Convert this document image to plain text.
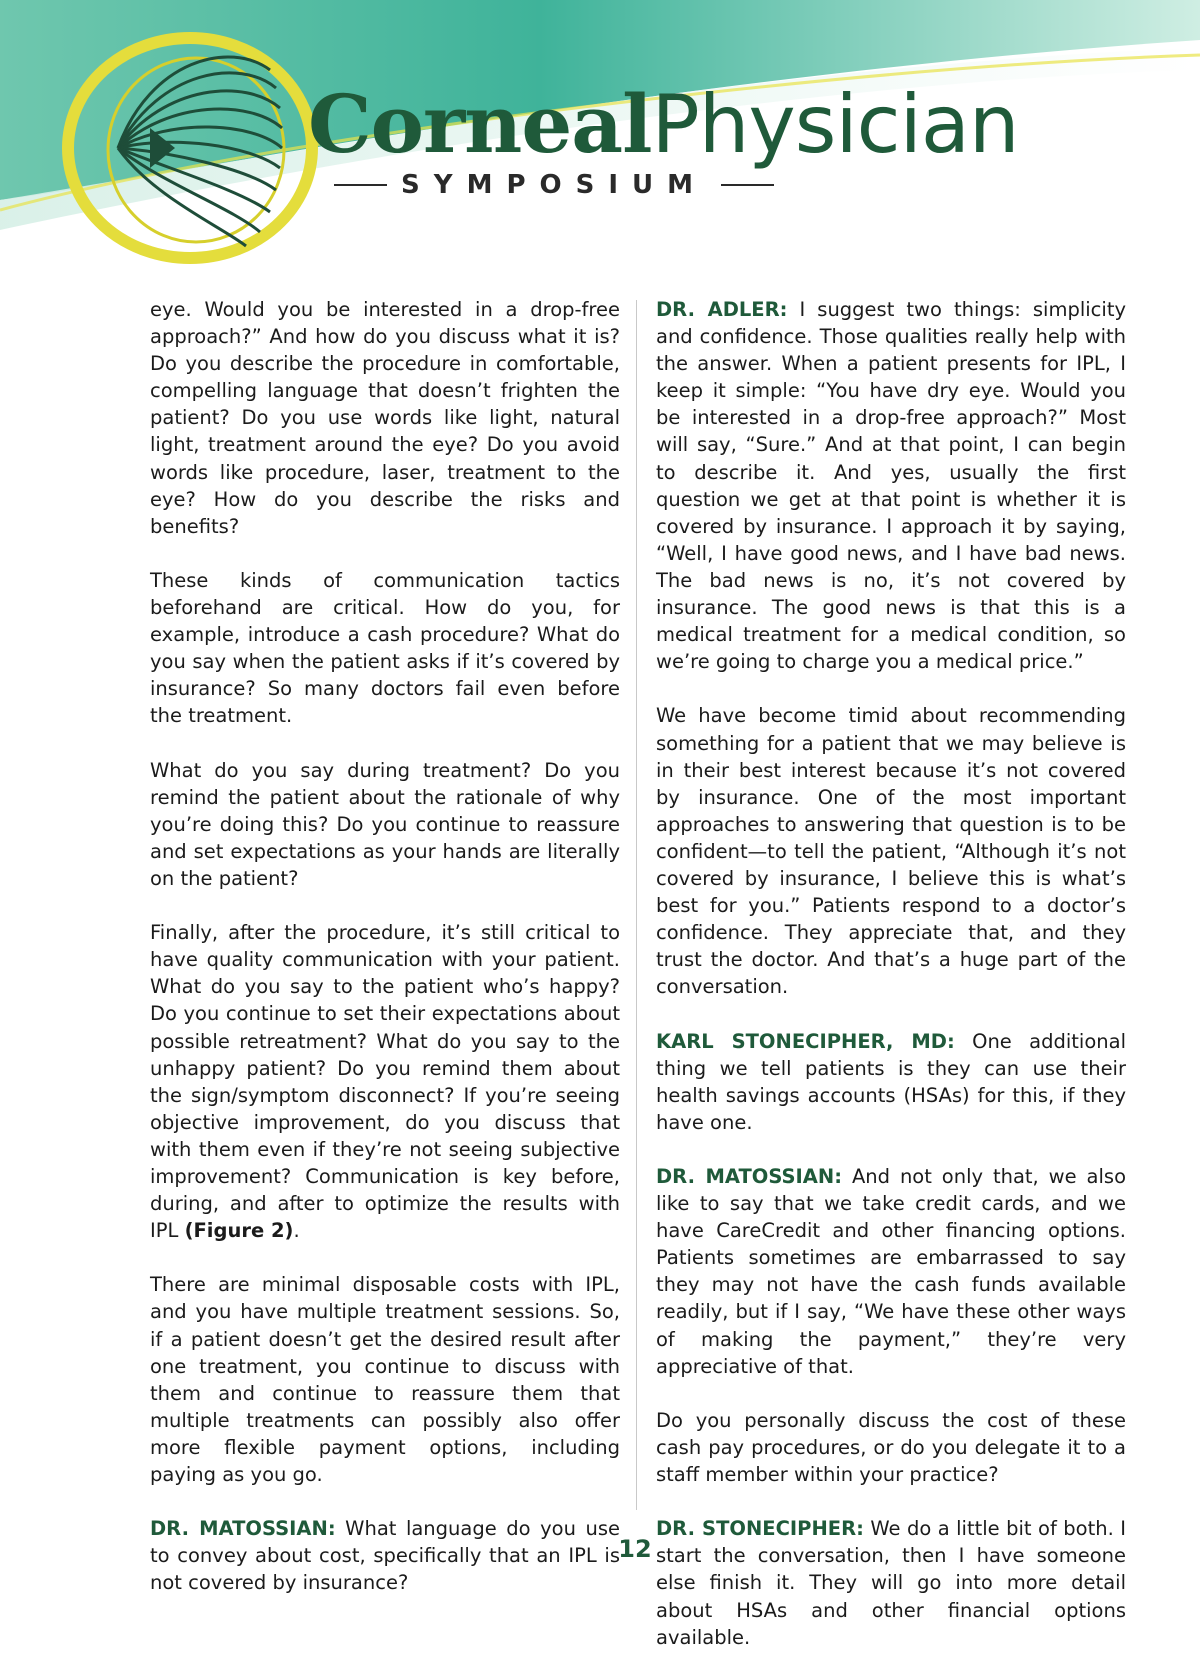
CornealPhysician
SYMPOSIUM

eye. Would you be interested in a drop-free approach?” And how do you discuss what it is? Do you describe the procedure in comfortable, compelling language that doesn’t frighten the patient? Do you use words like light, natural light, treatment around the eye? Do you avoid words like procedure, laser, treatment to the eye? How do you describe the risks and benefits?

These kinds of communication tactics beforehand are critical. How do you, for example, introduce a cash procedure? What do you say when the patient asks if it’s covered by insurance? So many doctors fail even before the treatment.

What do you say during treatment? Do you remind the patient about the rationale of why you’re doing this? Do you continue to reassure and set expectations as your hands are literally on the patient?

Finally, after the procedure, it’s still critical to have quality communication with your patient. What do you say to the patient who’s happy? Do you continue to set their expectations about possible retreatment? What do you say to the unhappy patient? Do you remind them about the sign/symptom disconnect? If you’re seeing objective improvement, do you discuss that with them even if they’re not seeing subjective improvement? Communication is key before, during, and after to optimize the results with IPL (Figure 2).

There are minimal disposable costs with IPL, and you have multiple treatment sessions. So, if a patient doesn’t get the desired result after one treatment, you continue to discuss with them and continue to reassure them that multiple treatments can possibly also offer more flexible payment options, including paying as you go.

DR. MATOSSIAN: What language do you use to convey about cost, specifically that an IPL is not covered by insurance?

DR. ADLER: I suggest two things: simplicity and confidence. Those qualities really help with the answer. When a patient presents for IPL, I keep it simple: “You have dry eye. Would you be interested in a drop-free approach?” Most will say, “Sure.” And at that point, I can begin to describe it. And yes, usually the first question we get at that point is whether it is covered by insurance. I approach it by saying, “Well, I have good news, and I have bad news. The bad news is no, it’s not covered by insurance. The good news is that this is a medical treatment for a medical condition, so we’re going to charge you a medical price.”

We have become timid about recommending something for a patient that we may believe is in their best interest because it’s not covered by insurance. One of the most important approaches to answering that question is to be confident—to tell the patient, “Although it’s not covered by insurance, I believe this is what’s best for you.” Patients respond to a doctor’s confidence. They appreciate that, and they trust the doctor. And that’s a huge part of the conversation.

KARL STONECIPHER, MD: One additional thing we tell patients is they can use their health savings accounts (HSAs) for this, if they have one.

DR. MATOSSIAN: And not only that, we also like to say that we take credit cards, and we have CareCredit and other financing options. Patients sometimes are embarrassed to say they may not have the cash funds available readily, but if I say, “We have these other ways of making the payment,” they’re very appreciative of that.

Do you personally discuss the cost of these cash pay procedures, or do you delegate it to a staff member within your practice?

DR. STONECIPHER: We do a little bit of both. I start the conversation, then I have someone else finish it. They will go into more detail about HSAs and other financial options available.

12
